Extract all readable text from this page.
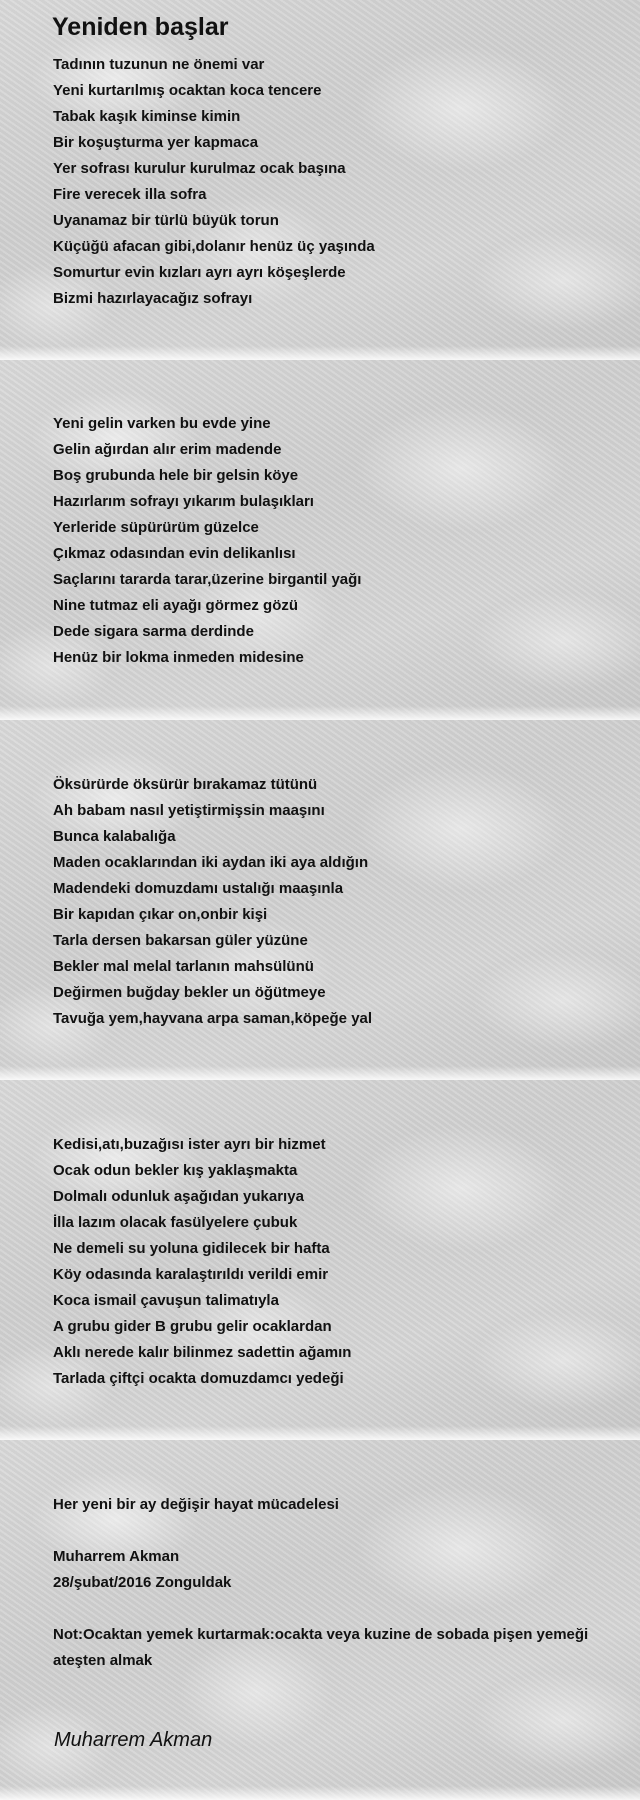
Yeniden başlar
Tadının tuzunun ne önemi var
Yeni kurtarılmış ocaktan koca tencere
Tabak kaşık kiminse kimin
Bir koşuşturma yer kapmaca
Yer sofrası kurulur kurulmaz ocak başına
Fire verecek illa sofra
Uyanamaz bir türlü büyük torun
Küçüğü afacan gibi,dolanır henüz üç yaşında
Somurtur evin kızları ayrı ayrı köşeşlerde
Bizmi hazırlayacağız sofrayı
Yeni gelin varken bu evde yine
Gelin ağırdan alır erim madende
Boş grubunda hele bir gelsin köye
Hazırlarım sofrayı yıkarım bulaşıkları
Yerleride süpürürüm güzelce
Çıkmaz odasından evin delikanlısı
Saçlarını tararda tarar,üzerine birgantil yağı
Nine tutmaz eli ayağı görmez gözü
Dede sigara sarma derdinde
Henüz bir lokma inmeden midesine
Öksürürde öksürür bırakamaz tütünü
Ah babam nasıl yetiştirmişsin maaşını
Bunca kalabalığa
Maden ocaklarından iki aydan iki aya aldığın
Madendeki domuzdamı ustalığı maaşınla
Bir kapıdan çıkar on,onbir kişi
Tarla dersen bakarsan güler yüzüne
Bekler mal melal tarlanın mahsülünü
Değirmen buğday bekler un öğütmeye
Tavuğa yem,hayvana arpa saman,köpeğe yal
Kedisi,atı,buzağısı ister ayrı bir hizmet
Ocak odun bekler kış yaklaşmakta
Dolmalı odunluk aşağıdan yukarıya
İlla lazım olacak fasülyelere çubuk
Ne demeli su yoluna gidilecek bir hafta
Köy odasında karalaştırıldı verildi emir
Koca ismail çavuşun talimatıyla
A grubu gider B grubu gelir ocaklardan
Aklı nerede kalır bilinmez sadettin ağamın
Tarlada çiftçi ocakta domuzdamcı yedeği

Her yeni bir ay değişir hayat mücadelesi

Muharrem Akman

28/şubat/2016 Zonguldak

Not:Ocaktan yemek kurtarmak:ocakta veya kuzine de sobada pişen yemeği ateşten almak

Muharrem Akman
